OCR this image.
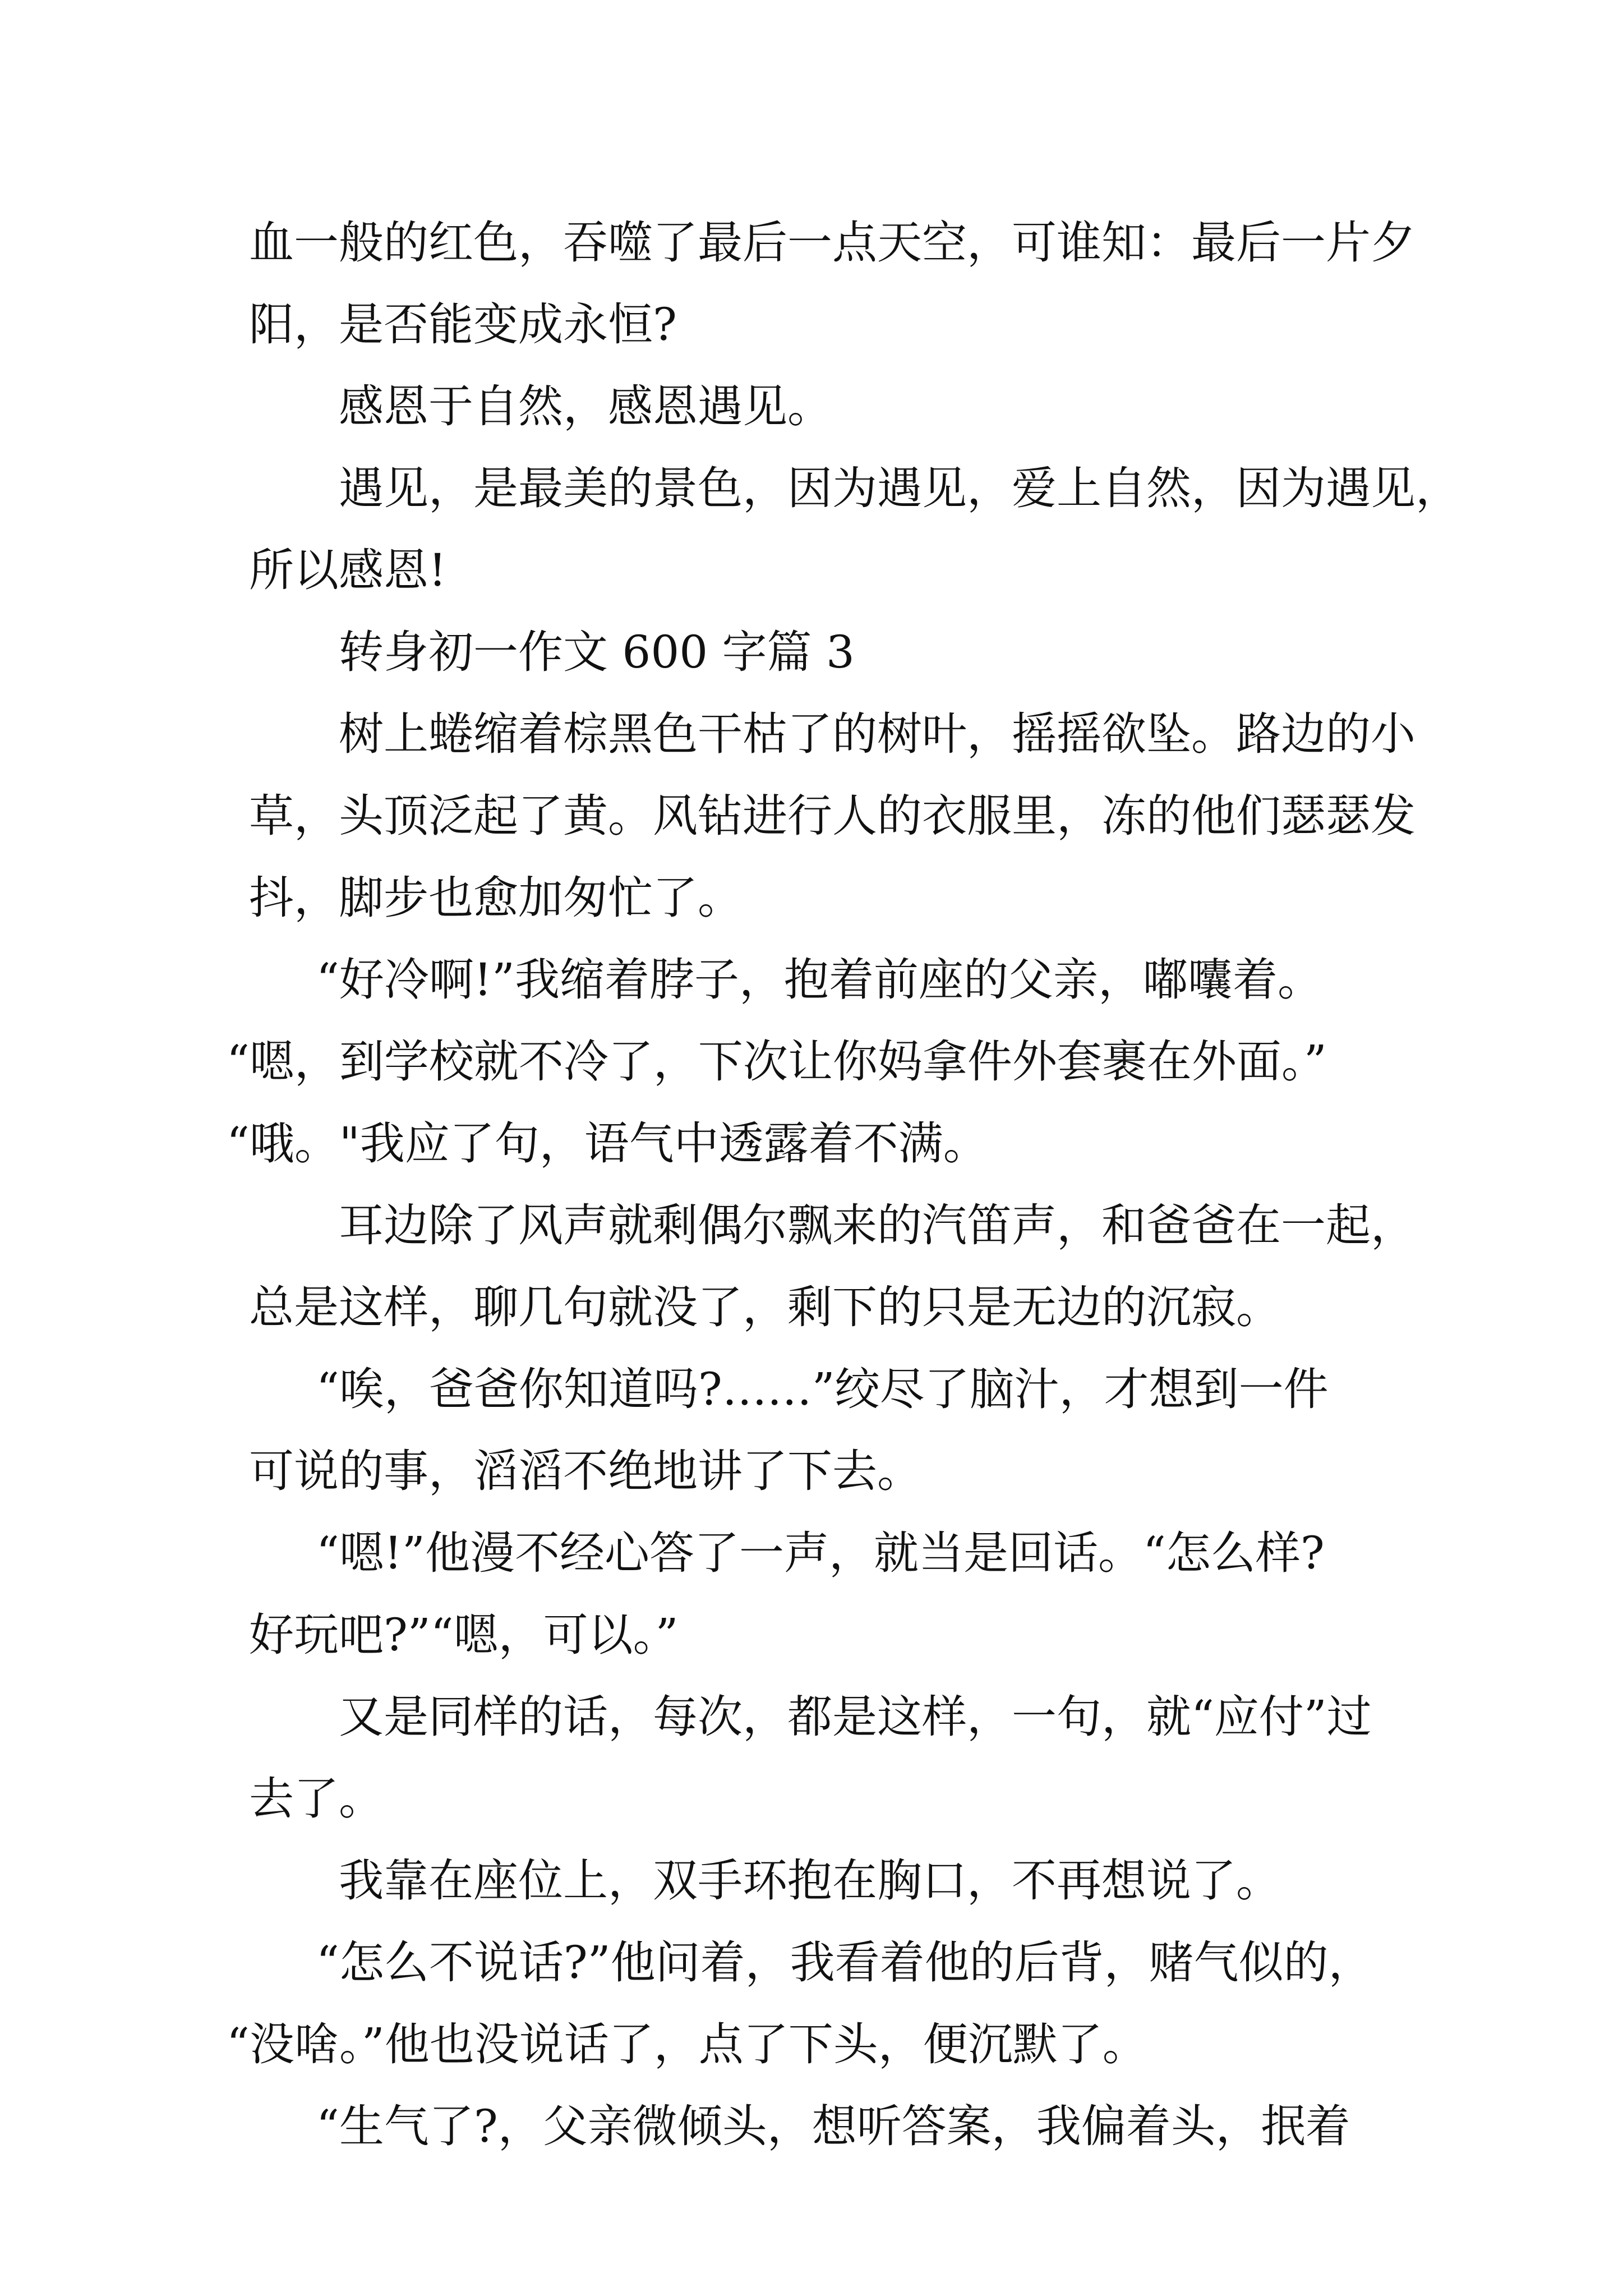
血一般的红色，吞噬了最后一点天空，可谁知：最后一片夕

阳，是否能变成永恒?

感恩于自然，感恩遇见。

遇见，是最美的景色，因为遇见，爱上自然，因为遇见，

所以感恩!

转身初一作文 600 字篇 3

树上蜷缩着棕黑色干枯了的树叶，摇摇欲坠。路边的小

草，头顶泛起了黄。风钻进行人的衣服里，冻的他们瑟瑟发

抖，脚步也愈加匆忙了。

“好冷啊!”我缩着脖子，抱着前座的父亲，嘟囔着。

“嗯，到学校就不冷了，下次让你妈拿件外套裹在外面。”

“哦。"我应了句，语气中透露着不满。

耳边除了风声就剩偶尔飘来的汽笛声，和爸爸在一起，

总是这样，聊几句就没了，剩下的只是无边的沉寂。

“唉，爸爸你知道吗?……”绞尽了脑汁，才想到一件

可说的事，滔滔不绝地讲了下去。

“嗯!”他漫不经心答了一声，就当是回话。“怎么样?

好玩吧?”“嗯，可以。”

又是同样的话，每次，都是这样，一句，就“应付”过

去了。

我靠在座位上，双手环抱在胸口，不再想说了。

“怎么不说话?”他问着，我看着他的后背，赌气似的，

“没啥。”他也没说话了，点了下头，便沉默了。

“生气了?，父亲微倾头，想听答案，我偏着头，抿着
